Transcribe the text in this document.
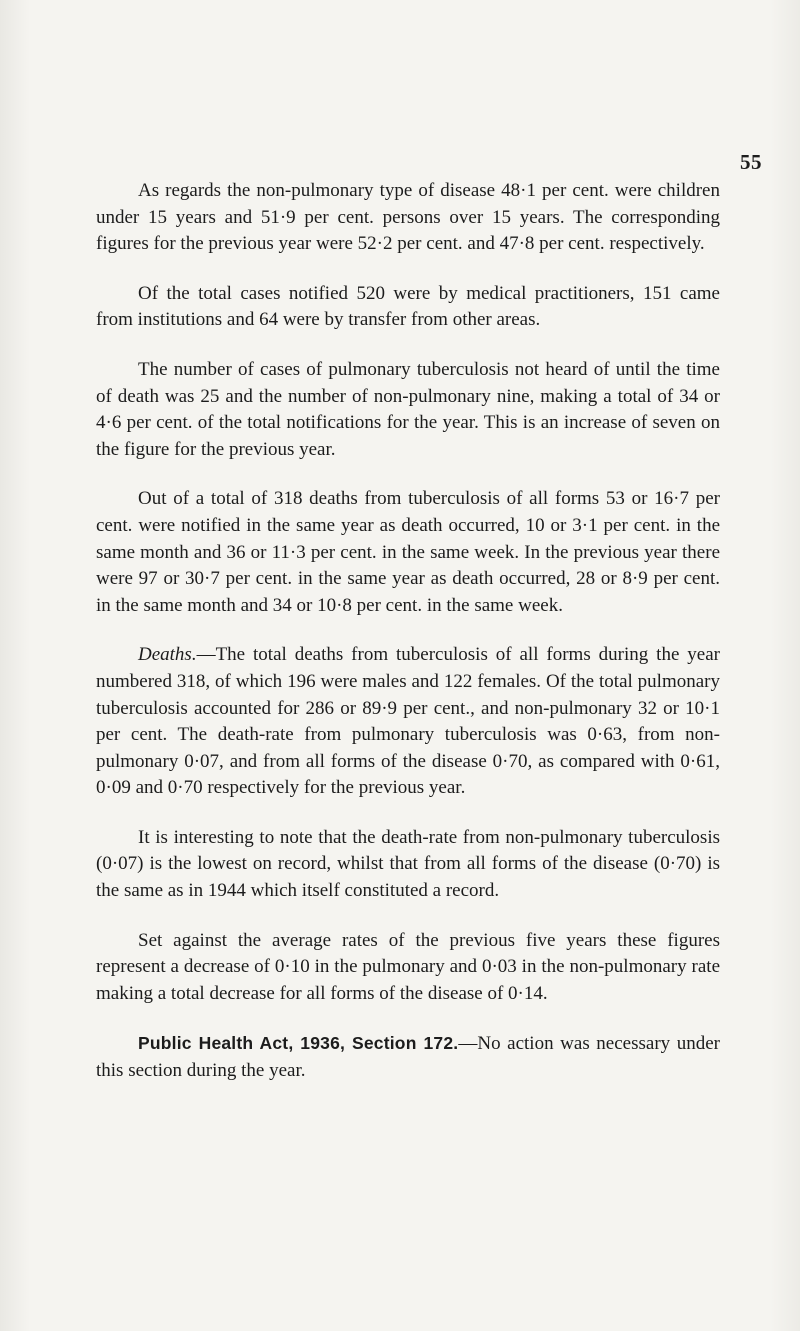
55

As regards the non-pulmonary type of disease 48·1 per cent. were children under 15 years and 51·9 per cent. persons over 15 years. The corresponding figures for the previous year were 52·2 per cent. and 47·8 per cent. respectively.

Of the total cases notified 520 were by medical practitioners, 151 came from institutions and 64 were by transfer from other areas.

The number of cases of pulmonary tuberculosis not heard of until the time of death was 25 and the number of non-pulmonary nine, making a total of 34 or 4·6 per cent. of the total notifications for the year. This is an increase of seven on the figure for the previous year.

Out of a total of 318 deaths from tuberculosis of all forms 53 or 16·7 per cent. were notified in the same year as death occurred, 10 or 3·1 per cent. in the same month and 36 or 11·3 per cent. in the same week. In the previous year there were 97 or 30·7 per cent. in the same year as death occurred, 28 or 8·9 per cent. in the same month and 34 or 10·8 per cent. in the same week.

Deaths.—The total deaths from tuberculosis of all forms during the year numbered 318, of which 196 were males and 122 females. Of the total pulmonary tuberculosis accounted for 286 or 89·9 per cent., and non-pulmonary 32 or 10·1 per cent. The death-rate from pulmonary tuberculosis was 0·63, from non-pulmonary 0·07, and from all forms of the disease 0·70, as compared with 0·61, 0·09 and 0·70 respectively for the previous year.

It is interesting to note that the death-rate from non-pulmonary tuberculosis (0·07) is the lowest on record, whilst that from all forms of the disease (0·70) is the same as in 1944 which itself constituted a record.

Set against the average rates of the previous five years these figures represent a decrease of 0·10 in the pulmonary and 0·03 in the non-pulmonary rate making a total decrease for all forms of the disease of 0·14.

Public Health Act, 1936, Section 172.—No action was necessary under this section during the year.
